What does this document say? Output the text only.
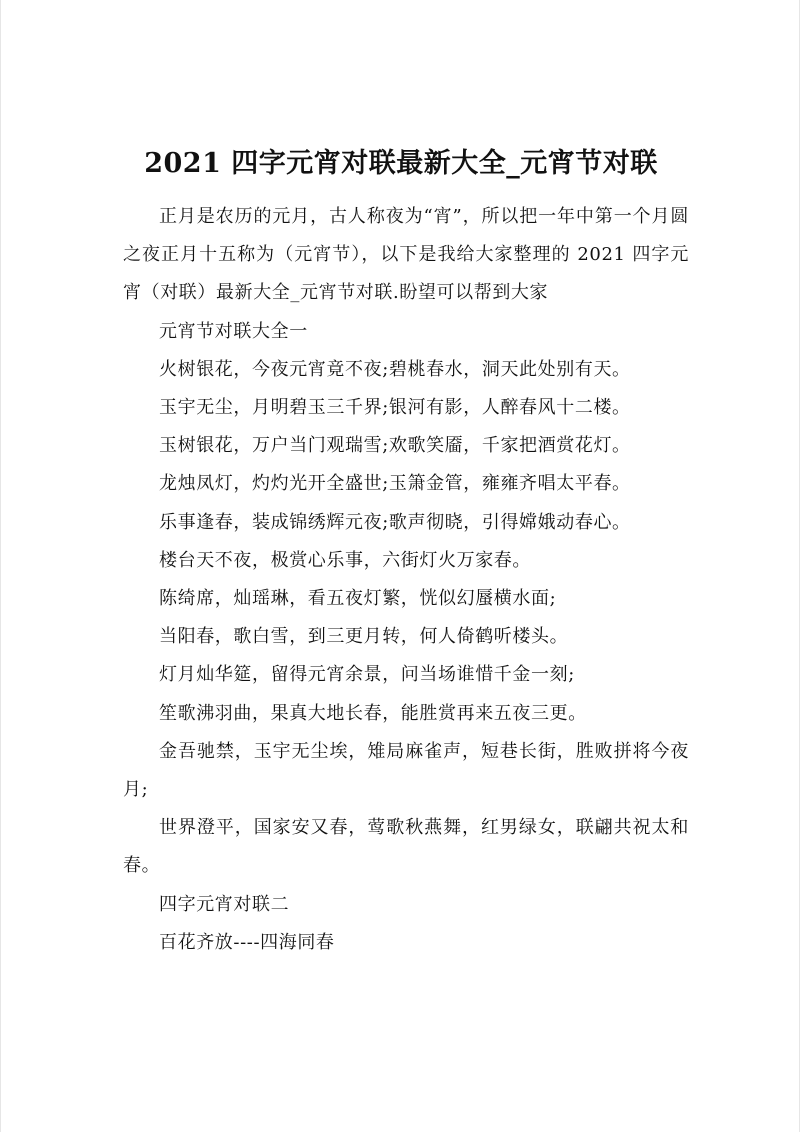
2021 四字元宵对联最新大全_元宵节对联

正月是农历的元月，古人称夜为“宵”，所以把一年中第一个月圆之夜正月十五称为（元宵节），以下是我给大家整理的 2021 四字元宵（对联）最新大全_元宵节对联.盼望可以帮到大家

元宵节对联大全一

火树银花，今夜元宵竟不夜;碧桃春水，洞天此处别有天。

玉宇无尘，月明碧玉三千界;银河有影，人醉春风十二楼。

玉树银花，万户当门观瑞雪;欢歌笑靥，千家把酒赏花灯。

龙烛凤灯，灼灼光开全盛世;玉箫金管，雍雍齐唱太平春。

乐事逢春，装成锦绣辉元夜;歌声彻晓，引得嫦娥动春心。

楼台天不夜，极赏心乐事，六街灯火万家春。

陈绮席，灿瑶琳，看五夜灯繁，恍似幻蜃横水面;

当阳春，歌白雪，到三更月转，何人倚鹤听楼头。

灯月灿华筵，留得元宵余景，问当场谁惜千金一刻;

笙歌沸羽曲，果真大地长春，能胜赏再来五夜三更。

金吾驰禁，玉宇无尘埃，雉局麻雀声，短巷长街，胜败拼将今夜月;

世界澄平，国家安又春，莺歌秋燕舞，红男绿女，联翩共祝太和春。

四字元宵对联二

百花齐放----四海同春
